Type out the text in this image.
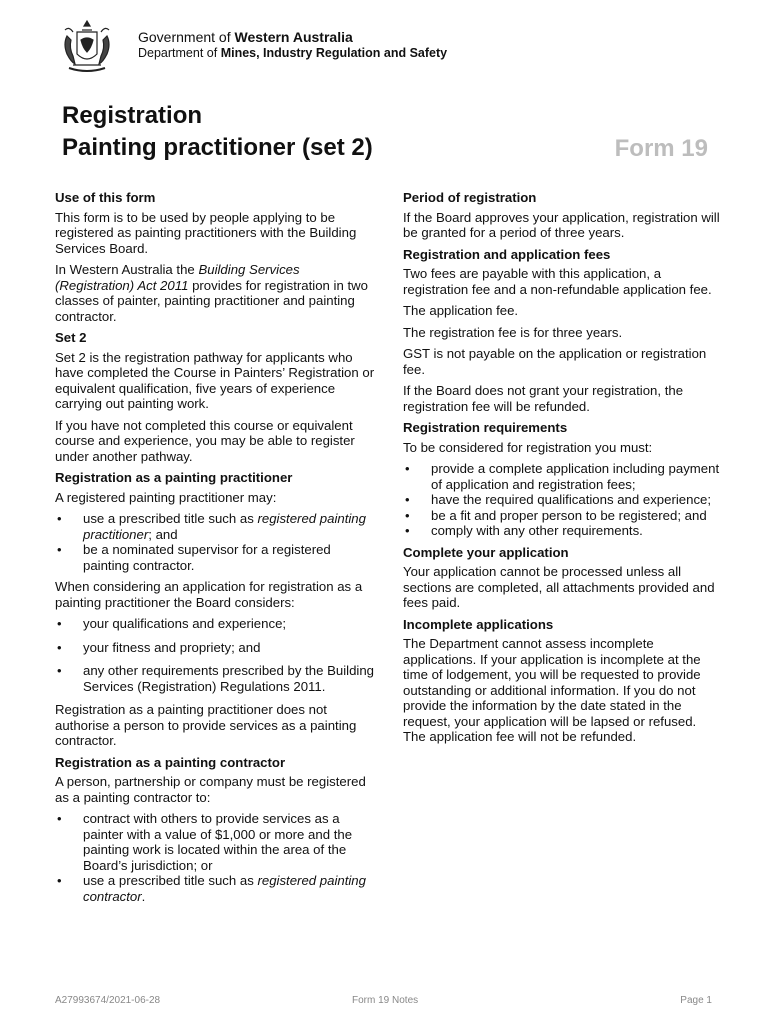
Government of Western Australia
Department of Mines, Industry Regulation and Safety
Registration
Painting practitioner (set 2)	Form 19
Use of this form
This form is to be used by people applying to be registered as painting practitioners with the Building Services Board.
In Western Australia the Building Services (Registration) Act 2011 provides for registration in two classes of painter, painting practitioner and painting contractor.
Set 2
Set 2 is the registration pathway for applicants who have completed the Course in Painters’ Registration or equivalent qualification, five years of experience carrying out painting work.
If you have not completed this course or equivalent course and experience, you may be able to register under another pathway.
Registration as a painting practitioner
A registered painting practitioner may:
• use a prescribed title such as registered painting practitioner; and
• be a nominated supervisor for a registered painting contractor.
When considering an application for registration as a painting practitioner the Board considers:
• your qualifications and experience;
• your fitness and propriety; and
• any other requirements prescribed by the Building Services (Registration) Regulations 2011.
Registration as a painting practitioner does not authorise a person to provide services as a painting contractor.
Registration as a painting contractor
A person, partnership or company must be registered as a painting contractor to:
• contract with others to provide services as a painter with a value of $1,000 or more and the painting work is located within the area of the Board’s jurisdiction; or
• use a prescribed title such as registered painting contractor.
Period of registration
If the Board approves your application, registration will be granted for a period of three years.
Registration and application fees
Two fees are payable with this application, a registration fee and a non-refundable application fee.
The application fee.
The registration fee is for three years.
GST is not payable on the application or registration fee.
If the Board does not grant your registration, the registration fee will be refunded.
Registration requirements
To be considered for registration you must:
• provide a complete application including payment of application and registration fees;
• have the required qualifications and experience;
• be a fit and proper person to be registered; and
• comply with any other requirements.
Complete your application
Your application cannot be processed unless all sections are completed, all attachments provided and fees paid.
Incomplete applications
The Department cannot assess incomplete applications. If your application is incomplete at the time of lodgement, you will be requested to provide outstanding or additional information. If you do not provide the information by the date stated in the request, your application will be lapsed or refused. The application fee will not be refunded.
A27993674/2021-06-28	Form 19 Notes	Page 1
